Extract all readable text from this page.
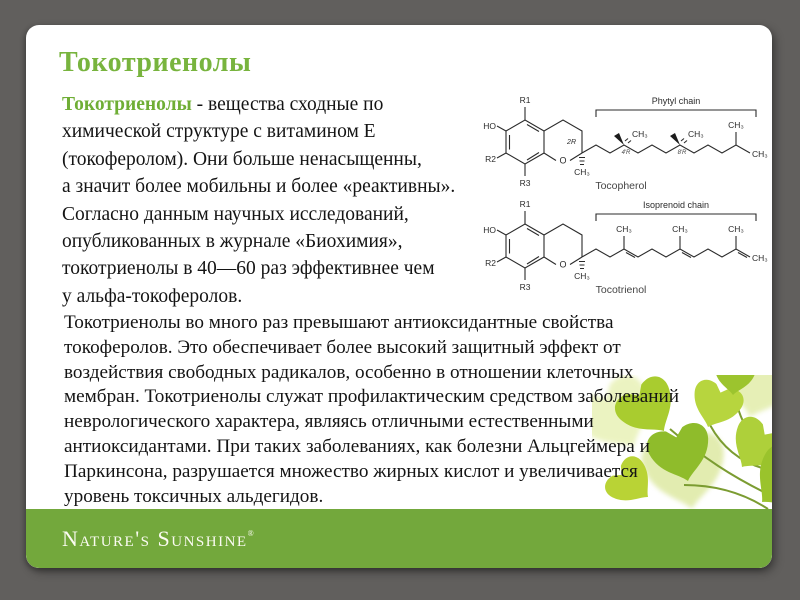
Токотриенолы
Токотриенолы - вещества сходные по
химической структуре с витамином Е
(токоферолом). Они больше ненасыщенны,
а значит более мобильны и более «реактивны».
Согласно данным научных исследований,
опубликованных в журнале «Биохимия»,
токотриенолы в 40—60 раз эффективнее чем
у альфа-токоферолов.
O
R1
HO
R2
R3
2R
CH₃
CH₃
4'R
CH₃
8'R
CH₃
CH₃
Phytyl chain
Tocopherol
O
R1
HO
R2
R3
CH₃
CH₃	CH₃	CH₃
CH₃
Isoprenoid chain
Tocotrienol
Токотриенолы во много раз превышают антиоксидантные свойства
токоферолов. Это обеспечивает более высокий защитный эффект от
воздействия свободных радикалов, особенно в отношении клеточных
мембран. Токотриенолы служат профилактическим средством заболеваний
неврологического характера, являясь отличными естественными
антиоксидантами. При таких заболеваниях, как болезни Альцгеймера и
Паркинсона, разрушается множество жирных кислот и увеличивается
уровень токсичных альдегидов.
Nature's Sunshine®
